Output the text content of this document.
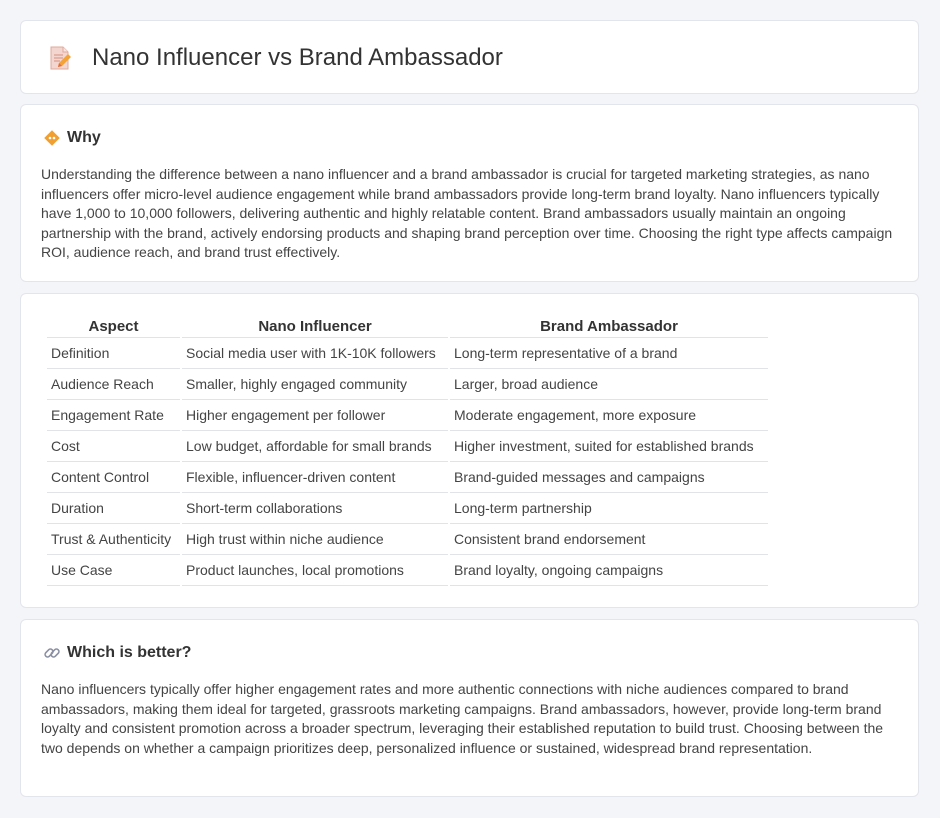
Nano Influencer vs Brand Ambassador
Why

Understanding the difference between a nano influencer and a brand ambassador is crucial for targeted marketing strategies, as nano influencers offer micro-level audience engagement while brand ambassadors provide long-term brand loyalty. Nano influencers typically have 1,000 to 10,000 followers, delivering authentic and highly relatable content. Brand ambassadors usually maintain an ongoing partnership with the brand, actively endorsing products and shaping brand perception over time. Choosing the right type affects campaign ROI, audience reach, and brand trust effectively.

Aspect	Nano Influencer	Brand Ambassador
Definition	Social media user with 1K-10K followers	Long-term representative of a brand
Audience Reach	Smaller, highly engaged community	Larger, broad audience
Engagement Rate	Higher engagement per follower	Moderate engagement, more exposure
Cost	Low budget, affordable for small brands	Higher investment, suited for established brands
Content Control	Flexible, influencer-driven content	Brand-guided messages and campaigns
Duration	Short-term collaborations	Long-term partnership
Trust & Authenticity	High trust within niche audience	Consistent brand endorsement
Use Case	Product launches, local promotions	Brand loyalty, ongoing campaigns
Which is better?

Nano influencers typically offer higher engagement rates and more authentic connections with niche audiences compared to brand ambassadors, making them ideal for targeted, grassroots marketing campaigns. Brand ambassadors, however, provide long-term brand loyalty and consistent promotion across a broader spectrum, leveraging their established reputation to build trust. Choosing between the two depends on whether a campaign prioritizes deep, personalized influence or sustained, widespread brand representation.
